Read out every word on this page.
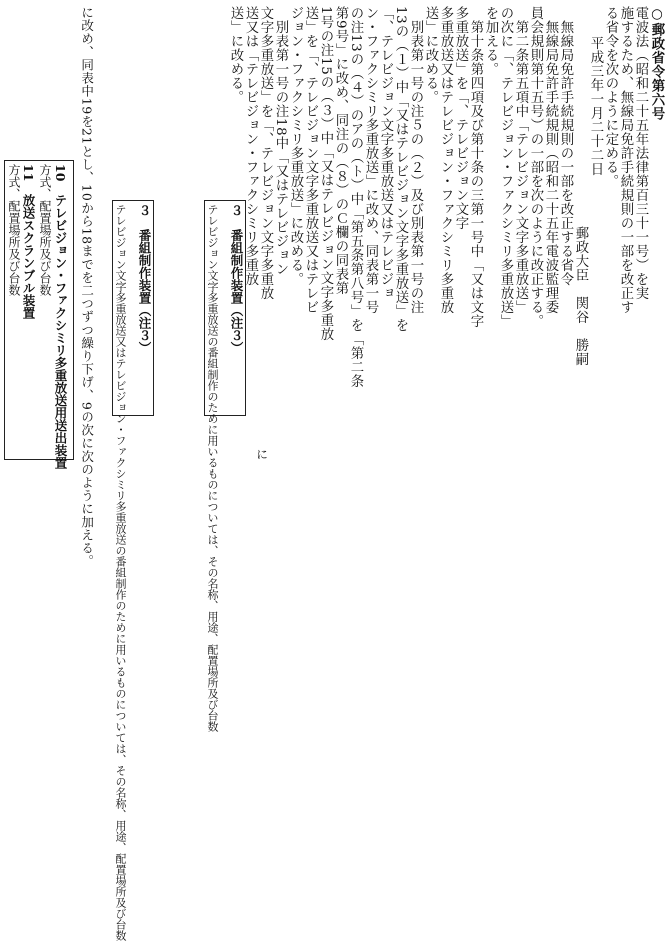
○郵政省令第六号
電波法（昭和二十五年法律第百三十一号）を実
施するため、無線局免許手続規則の一部を改正す
る省令を次のように定める。
平成三年一月二十二日
郵政大臣　関谷　勝嗣
無線局免許手続規則の一部を改正する省令
無線局免許手続規則（昭和二十五年電波監理委
員会規則第十五号）の一部を次のように改正する。
第二条第五項中「テレビジョン文字多重放送」
の次に「、テレビジョン・ファクシミリ多重放送」
を加える。
第十条第四項及び第十条の三第一号中「又は文字
多重放送」を「、テレビジョン文字
多重放送又はテレビジョン・ファクシミリ多重放
送」に改める。
別表第一号の注５の（２）及び別表第一号の注
13の（１）中「又はテレビジョン文字多重放送」を
「、テレビジョン文字多重放送又はテレビジョ
ン・ファクシミリ多重放送」に改め、同表第一号
の注13の（４）のアの（ト）中「第五条第八号」を「第二条
第9号」に改め、同注の（８）のＣ欄の同表第
1号の注15の（３）中「又はテレビジョン文字多重放
送」を「、テレビジョン文字多重放送又はテレビ
ジョン・ファクシミリ多重放送」に改める。
別表第一号の注18中「又はテレビジョン
文字多重放送」を「、テレビジョン文字多重放
送又は「テレビジョン・ファクシミリ多重放
送」に改める。
３　番組制作装置（注３）
テレビジョン文字多重放送の番組制作のために用いるものについては、その名称、用途、配置場所及び台数
３　番組制作装置（注３）
テレビジョン文字多重放送又はテレビジョン・ファクシミリ多重放送の番組制作のために用いるものについては、その名称、用途、配置場所及び台数
に改め、同表中19を21とし、10から18までを二つずつ繰り下げ、9の次に次のように加える。
10　テレビジョン・ファクシミリ多重放送用送出装置
方式、配置場所及び台数
11　放送スクランブル装置
方式、配置場所及び台数
に
